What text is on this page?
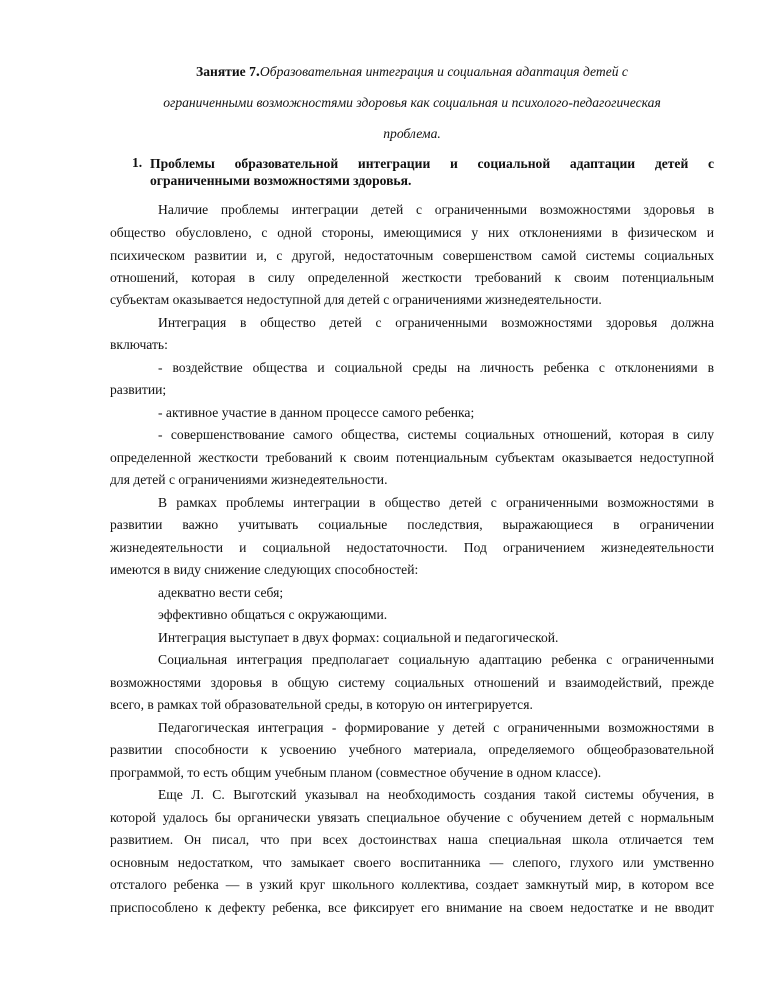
Занятие 7.Образовательная интеграция и социальная адаптация детей с
ограниченными возможностями здоровья как социальная и психолого-педагогическая
проблема.
1. Проблемы образовательной интеграции и социальной адаптации детей с
ограниченными возможностями здоровья.
Наличие проблемы интеграции детей с ограниченными возможностями здоровья в
общество обусловлено, с одной стороны, имеющимися у них отклонениями в физическом и
психическом развитии и, с другой, недостаточным совершенством самой системы социальных
отношений, которая в силу определенной жесткости требований к своим потенциальным
субъектам оказывается недоступной для детей с ограничениями жизнедеятельности.
Интеграция в общество детей с ограниченными возможностями здоровья должна
включать:
- воздействие общества и социальной среды на личность ребенка с отклонениями в
развитии;
- активное участие в данном процессе самого ребенка;
- совершенствование самого общества, системы социальных отношений, которая в силу
определенной жесткости требований к своим потенциальным субъектам оказывается недоступной
для детей с ограничениями жизнедеятельности.
В рамках проблемы интеграции в общество детей с ограниченными возможностями в
развитии важно учитывать социальные последствия, выражающиеся в ограничении
жизнедеятельности и социальной недостаточности. Под ограничением жизнедеятельности
имеются в виду снижение следующих способностей:
адекватно вести себя;
эффективно общаться с окружающими.
Интеграция выступает в двух формах: социальной и педагогической.
Социальная интеграция предполагает социальную адаптацию ребенка с ограниченными
возможностями здоровья в общую систему социальных отношений и взаимодействий, прежде
всего, в рамках той образовательной среды, в которую он интегрируется.
Педагогическая интеграция - формирование у детей с ограниченными возможностями в
развитии способности к усвоению учебного материала, определяемого общеобразовательной
программой, то есть общим учебным планом (совместное обучение в одном классе).
Еще Л. С. Выготский указывал на необходимость создания такой системы обучения, в
которой удалось бы органически увязать специальное обучение с обучением детей с нормальным
развитием. Он писал, что при всех достоинствах наша специальная школа отличается тем
основным недостатком, что замыкает своего воспитанника — слепого, глухого или умственно
отсталого ребенка — в узкий круг школьного коллектива, создает замкнутый мир, в котором все
приспособлено к дефекту ребенка, все фиксирует его внимание на своем недостатке и не вводит
